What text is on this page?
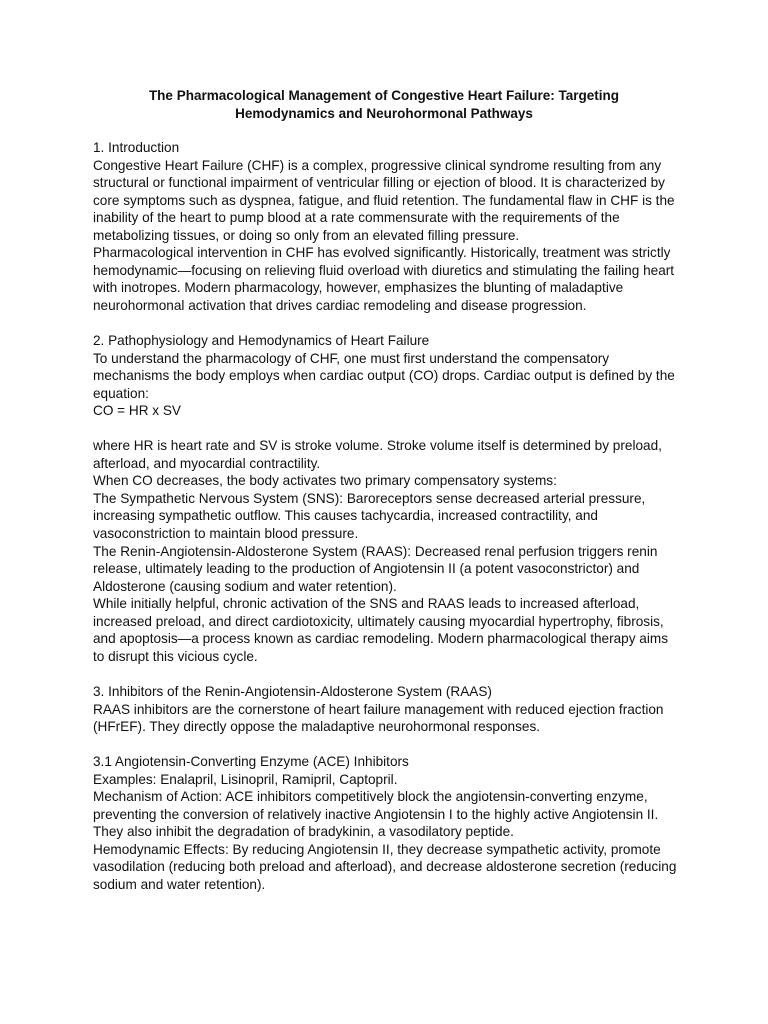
The Pharmacological Management of Congestive Heart Failure: Targeting
Hemodynamics and Neurohormonal Pathways

1. Introduction

Congestive Heart Failure (CHF) is a complex, progressive clinical syndrome resulting from any structural or functional impairment of ventricular filling or ejection of blood. It is characterized by core symptoms such as dyspnea, fatigue, and fluid retention. The fundamental flaw in CHF is the inability of the heart to pump blood at a rate commensurate with the requirements of the metabolizing tissues, or doing so only from an elevated filling pressure.

Pharmacological intervention in CHF has evolved significantly. Historically, treatment was strictly hemodynamic—focusing on relieving fluid overload with diuretics and stimulating the failing heart with inotropes. Modern pharmacology, however, emphasizes the blunting of maladaptive neurohormonal activation that drives cardiac remodeling and disease progression.

2. Pathophysiology and Hemodynamics of Heart Failure

To understand the pharmacology of CHF, one must first understand the compensatory mechanisms the body employs when cardiac output (CO) drops. Cardiac output is defined by the equation:

CO = HR x SV

where HR is heart rate and SV is stroke volume. Stroke volume itself is determined by preload, afterload, and myocardial contractility.

When CO decreases, the body activates two primary compensatory systems:

The Sympathetic Nervous System (SNS): Baroreceptors sense decreased arterial pressure, increasing sympathetic outflow. This causes tachycardia, increased contractility, and vasoconstriction to maintain blood pressure.

The Renin-Angiotensin-Aldosterone System (RAAS): Decreased renal perfusion triggers renin release, ultimately leading to the production of Angiotensin II (a potent vasoconstrictor) and Aldosterone (causing sodium and water retention).

While initially helpful, chronic activation of the SNS and RAAS leads to increased afterload, increased preload, and direct cardiotoxicity, ultimately causing myocardial hypertrophy, fibrosis, and apoptosis—a process known as cardiac remodeling. Modern pharmacological therapy aims to disrupt this vicious cycle.

3. Inhibitors of the Renin-Angiotensin-Aldosterone System (RAAS)

RAAS inhibitors are the cornerstone of heart failure management with reduced ejection fraction (HFrEF). They directly oppose the maladaptive neurohormonal responses.

3.1 Angiotensin-Converting Enzyme (ACE) Inhibitors

Examples: Enalapril, Lisinopril, Ramipril, Captopril.

Mechanism of Action: ACE inhibitors competitively block the angiotensin-converting enzyme, preventing the conversion of relatively inactive Angiotensin I to the highly active Angiotensin II. They also inhibit the degradation of bradykinin, a vasodilatory peptide.

Hemodynamic Effects: By reducing Angiotensin II, they decrease sympathetic activity, promote vasodilation (reducing both preload and afterload), and decrease aldosterone secretion (reducing sodium and water retention).
